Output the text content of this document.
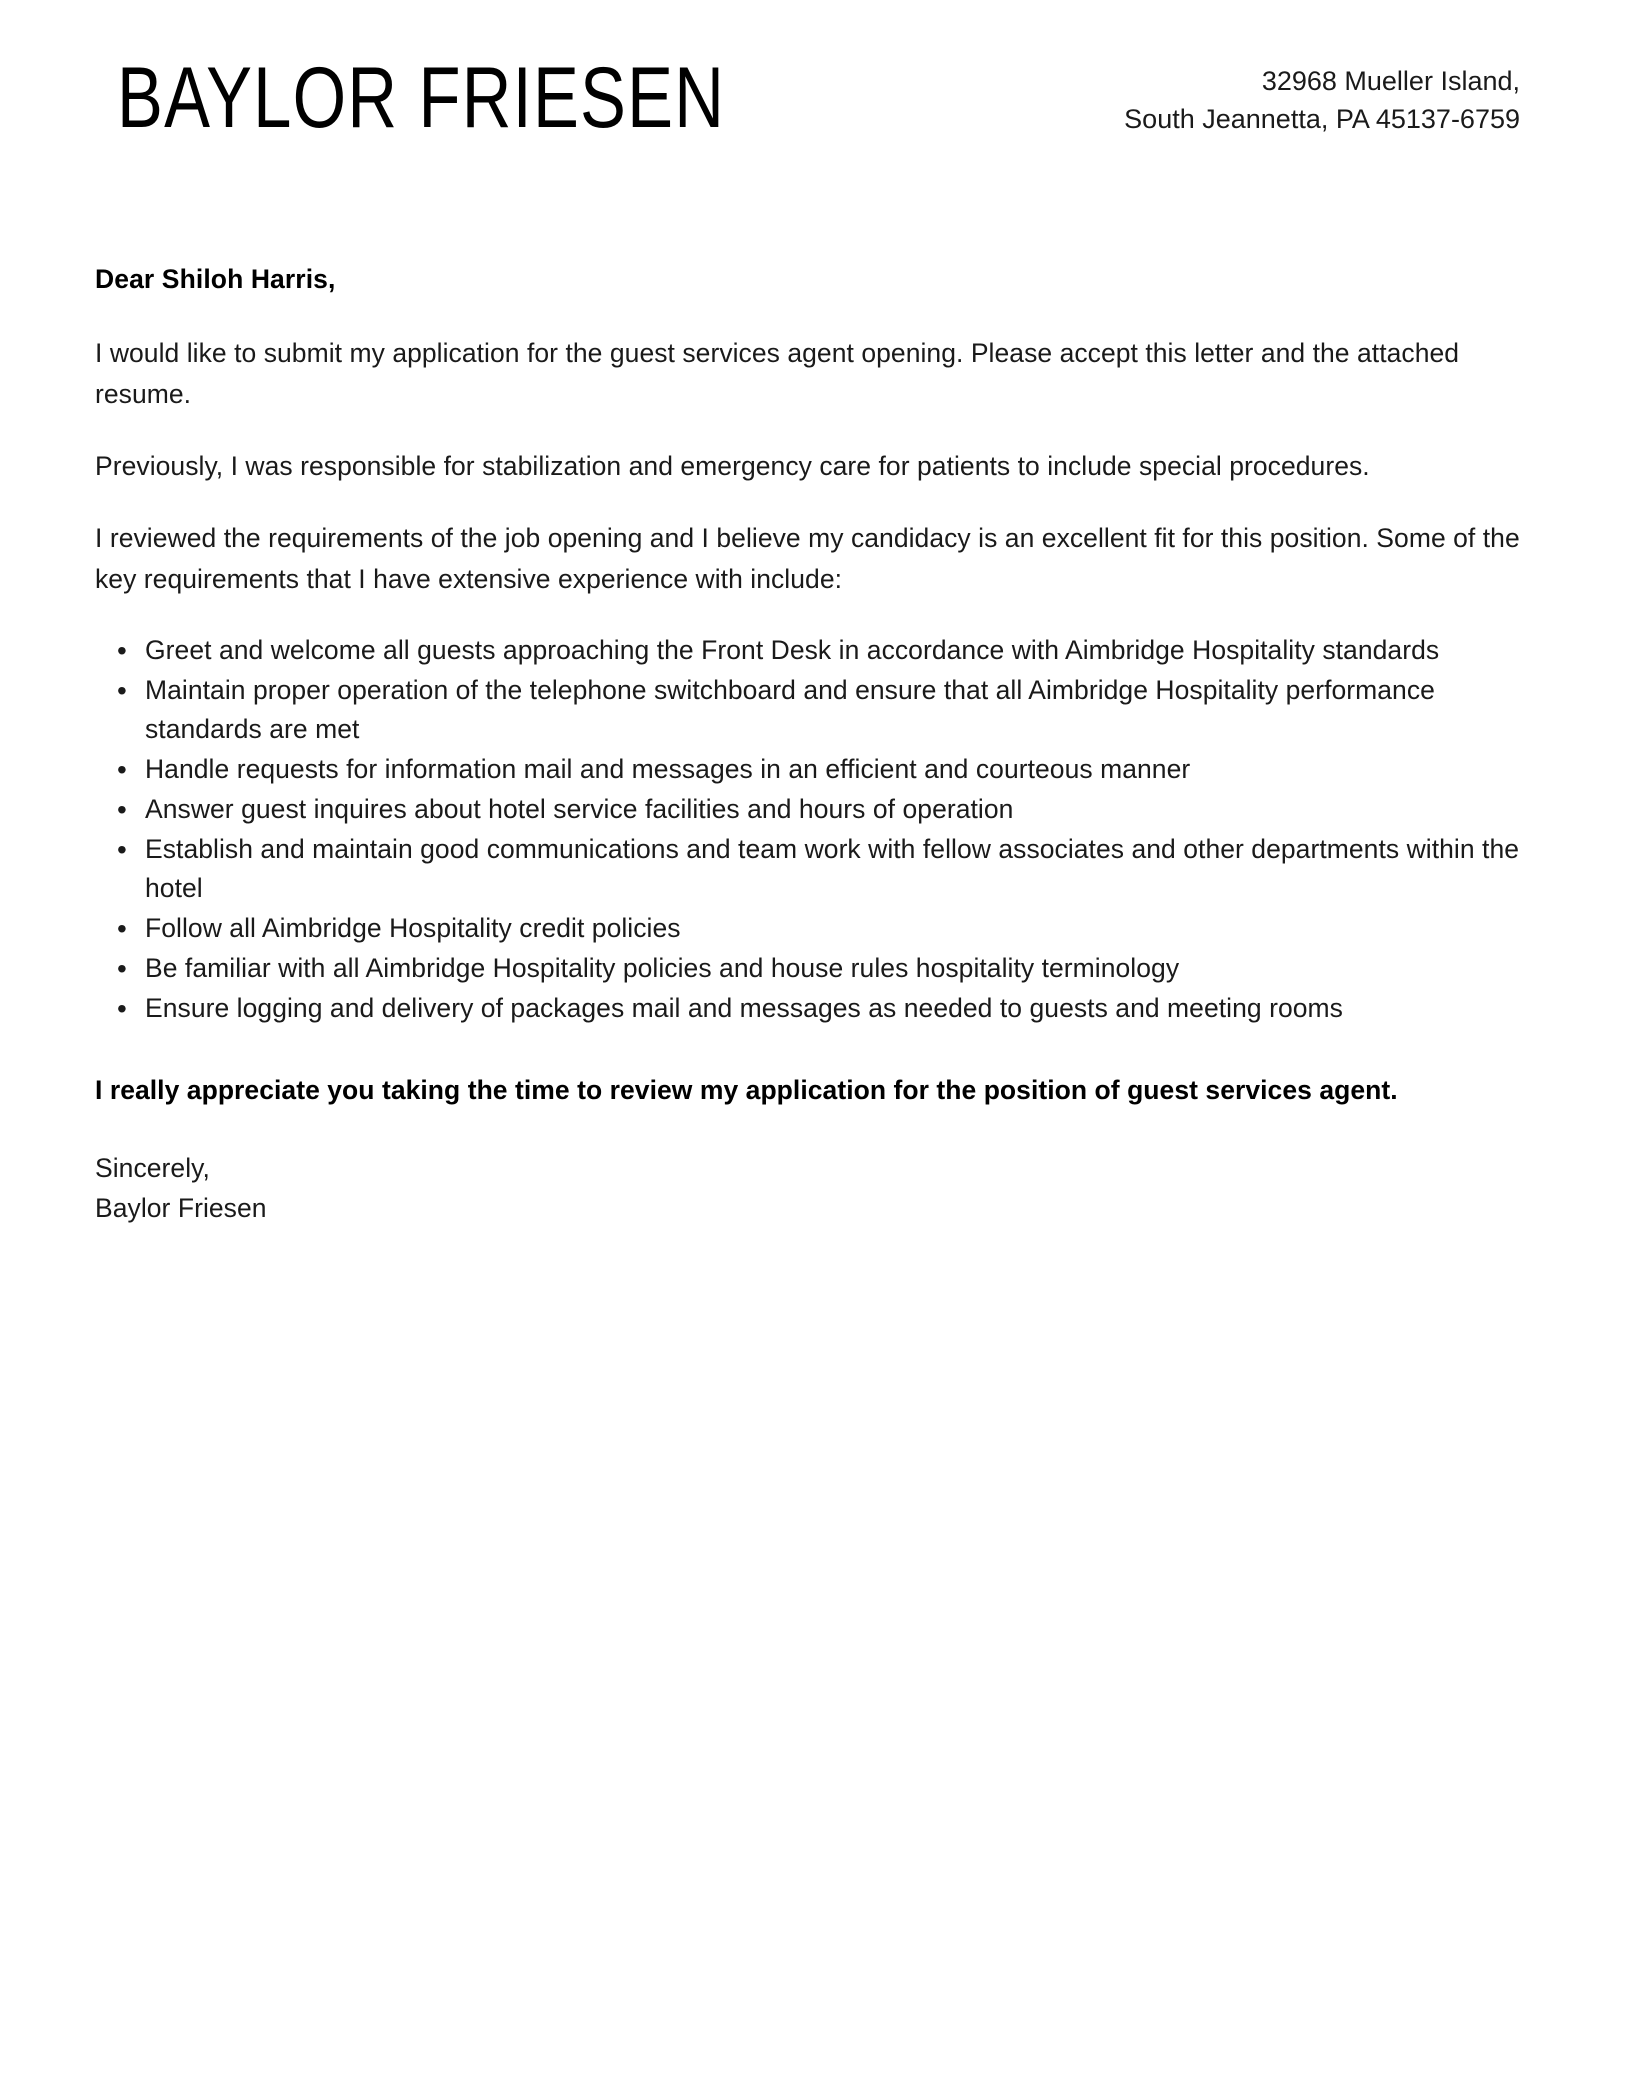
BAYLOR FRIESEN	32968 Mueller Island,
South Jeannetta, PA 45137-6759
Dear Shiloh Harris,

I would like to submit my application for the guest services agent opening. Please accept this letter and the attached resume.

Previously, I was responsible for stabilization and emergency care for patients to include special procedures.

I reviewed the requirements of the job opening and I believe my candidacy is an excellent fit for this position. Some of the key requirements that I have extensive experience with include:

• Greet and welcome all guests approaching the Front Desk in accordance with Aimbridge Hospitality standards
• Maintain proper operation of the telephone switchboard and ensure that all Aimbridge Hospitality performance standards are met
• Handle requests for information mail and messages in an efficient and courteous manner
• Answer guest inquires about hotel service facilities and hours of operation
• Establish and maintain good communications and team work with fellow associates and other departments within the hotel
• Follow all Aimbridge Hospitality credit policies
• Be familiar with all Aimbridge Hospitality policies and house rules hospitality terminology
• Ensure logging and delivery of packages mail and messages as needed to guests and meeting rooms
I really appreciate you taking the time to review my application for the position of guest services agent.
Sincerely,
Baylor Friesen
